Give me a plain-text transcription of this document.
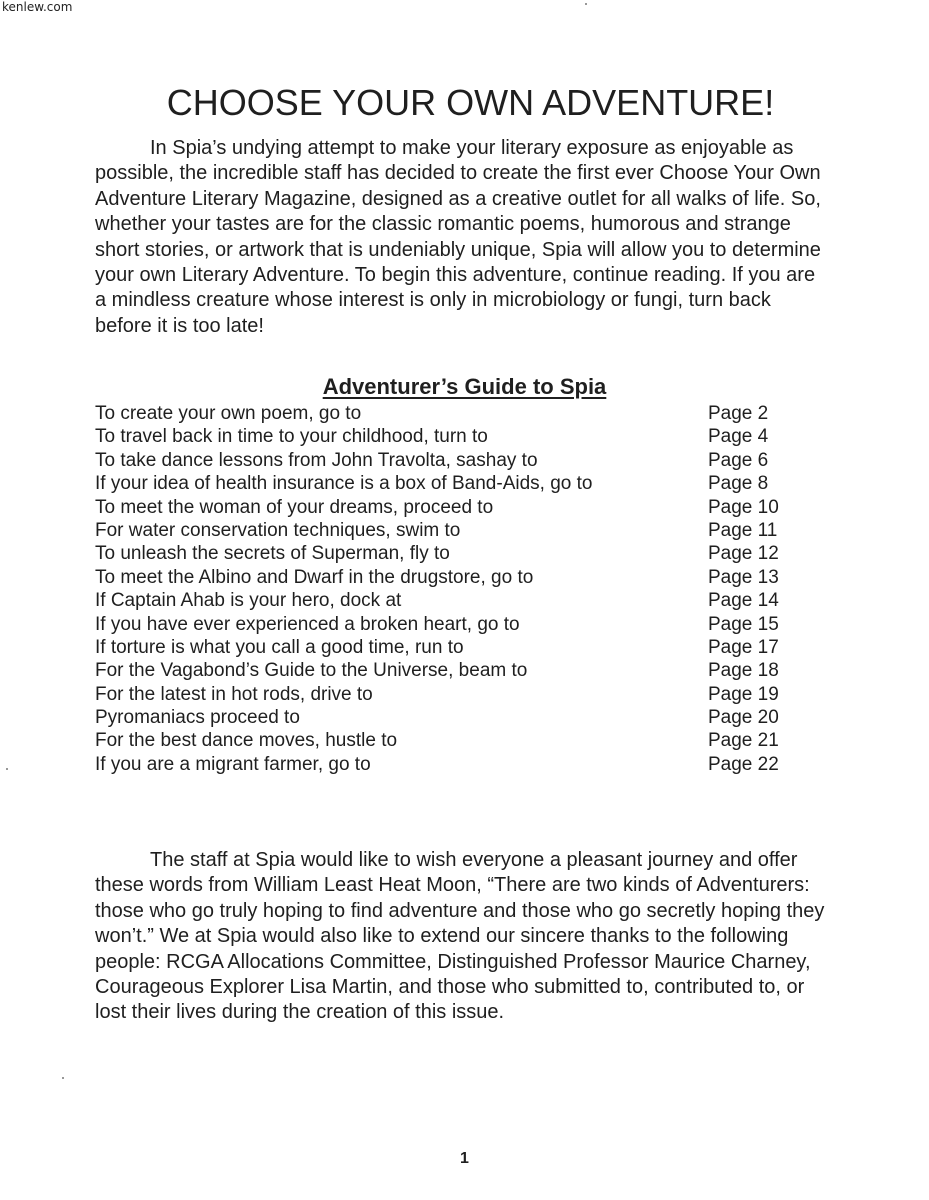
kenlew.com
CHOOSE YOUR OWN ADVENTURE!

In Spia’s undying attempt to make your literary exposure as enjoyable as possible, the incredible staff has decided to create the first ever Choose Your Own Adventure Literary Magazine, designed as a creative outlet for all walks of life. So, whether your tastes are for the classic romantic poems, humorous and strange short stories, or artwork that is undeniably unique, Spia will allow you to determine your own Literary Adventure. To begin this adventure, continue reading. If you are a mindless creature whose interest is only in microbiology or fungi, turn back before it is too late!

Adventurer’s Guide to Spia
To create your own poem, go to	Page 2
To travel back in time to your childhood, turn to	Page 4
To take dance lessons from John Travolta, sashay to	Page 6
If your idea of health insurance is a box of Band-Aids, go to	Page 8
To meet the woman of your dreams, proceed to	Page 10
For water conservation techniques, swim to	Page 11
To unleash the secrets of Superman, fly to	Page 12
To meet the Albino and Dwarf in the drugstore, go to	Page 13
If Captain Ahab is your hero, dock at	Page 14
If you have ever experienced a broken heart, go to	Page 15
If torture is what you call a good time, run to	Page 17
For the Vagabond’s Guide to the Universe, beam to	Page 18
For the latest in hot rods, drive to	Page 19
Pyromaniacs proceed to	Page 20
For the best dance moves, hustle to	Page 21
If you are a migrant farmer, go to	Page 22

The staff at Spia would like to wish everyone a pleasant journey and offer these words from William Least Heat Moon, “There are two kinds of Adventurers: those who go truly hoping to find adventure and those who go secretly hoping they won’t.” We at Spia would also like to extend our sincere thanks to the following people: RCGA Allocations Committee, Distinguished Professor Maurice Charney, Courageous Explorer Lisa Martin, and those who submitted to, contributed to, or lost their lives during the creation of this issue.

1
